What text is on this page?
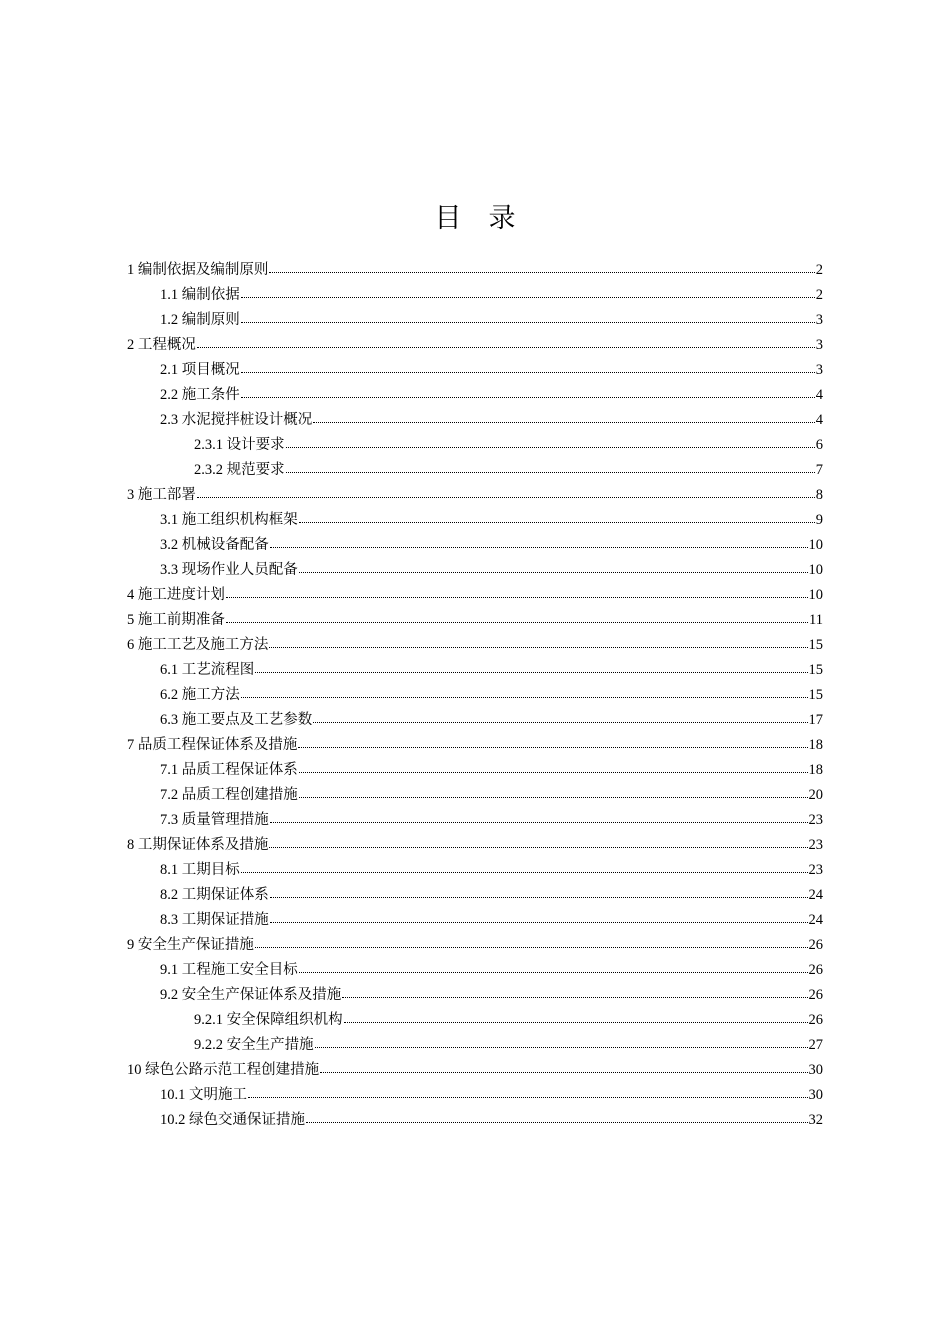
目　录
1 编制依据及编制原则	2
1.1 编制依据	2
1.2 编制原则	3
2 工程概况	3
2.1 项目概况	3
2.2 施工条件	4
2.3 水泥搅拌桩设计概况	4
2.3.1 设计要求	6
2.3.2 规范要求	7
3 施工部署	8
3.1 施工组织机构框架	9
3.2 机械设备配备	10
3.3 现场作业人员配备	10
4 施工进度计划	10
5 施工前期准备	11
6 施工工艺及施工方法	15
6.1 工艺流程图	15
6.2 施工方法	15
6.3 施工要点及工艺参数	17
7 品质工程保证体系及措施	18
7.1 品质工程保证体系	18
7.2 品质工程创建措施	20
7.3 质量管理措施	23
8 工期保证体系及措施	23
8.1 工期目标	23
8.2 工期保证体系	24
8.3 工期保证措施	24
9 安全生产保证措施	26
9.1 工程施工安全目标	26
9.2 安全生产保证体系及措施	26
9.2.1 安全保障组织机构	26
9.2.2 安全生产措施	27
10 绿色公路示范工程创建措施	30
10.1 文明施工	30
10.2 绿色交通保证措施	32
